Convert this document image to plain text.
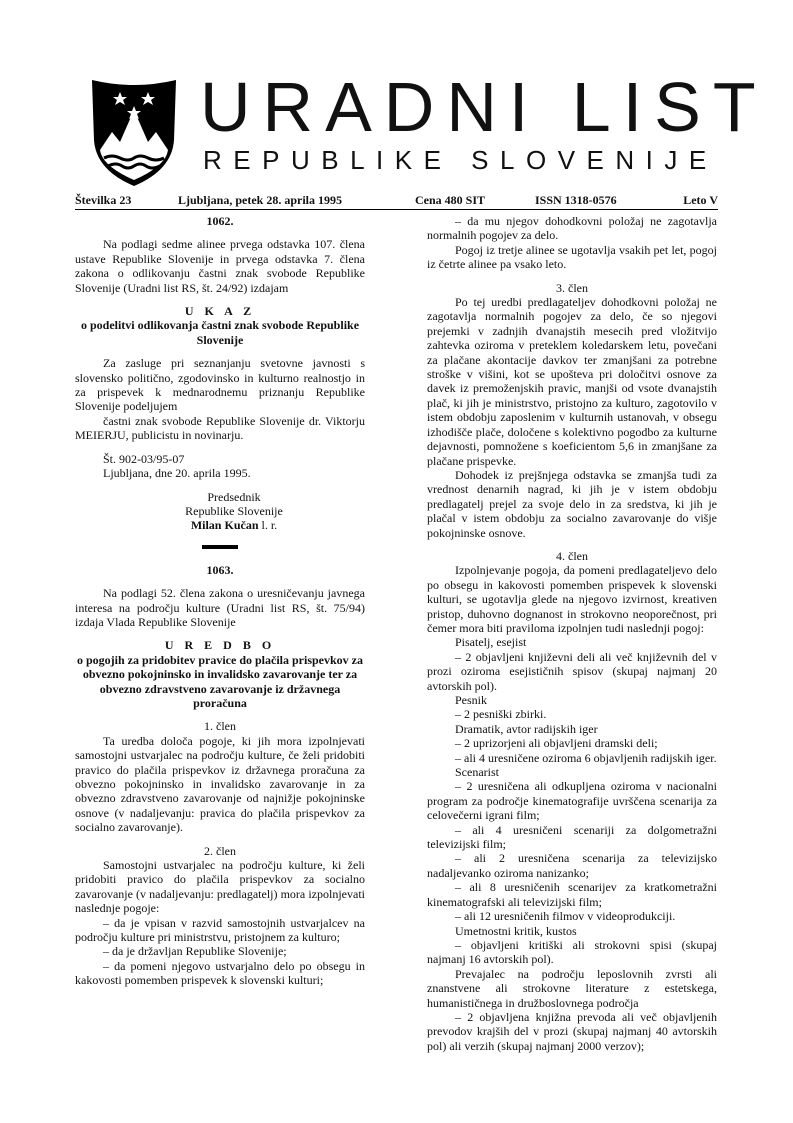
URADNI LIST
REPUBLIKE SLOVENIJE
Številka 23	Ljubljana, petek 28. aprila 1995	Cena 480 SIT	ISSN 1318-0576	Leto V

1062.

Na podlagi sedme alinee prvega odstavka 107. člena ustave Republike Slovenije in prvega odstavka 7. člena zakona o odlikovanju častni znak svobode Republike Slovenije (Uradni list RS, št. 24/92) izdajam

U K A Z

o podelitvi odlikovanja častni znak svobode Republike Slovenije

Za zasluge pri seznanjanju svetovne javnosti s slovensko politično, zgodovinsko in kulturno realnostjo in za prispevek k mednarodnemu priznanju Republike Slovenije podeljujem

častni znak svobode Republike Slovenije dr. Viktorju MEIERJU, publicistu in novinarju.

Št. 902-03/95-07

Ljubljana, dne 20. aprila 1995.

Predsednik

Republike Slovenije

Milan Kučan l. r.

1063.

Na podlagi 52. člena zakona o uresničevanju javnega interesa na področju kulture (Uradni list RS, št. 75/94) izdaja Vlada Republike Slovenije

U R E D B O

o pogojih za pridobitev pravice do plačila prispevkov za obvezno pokojninsko in invalidsko zavarovanje ter za obvezno zdravstveno zavarovanje iz državnega proračuna

1. člen

Ta uredba določa pogoje, ki jih mora izpolnjevati samostojni ustvarjalec na področju kulture, če želi pridobiti pravico do plačila prispevkov iz državnega proračuna za obvezno pokojninsko in invalidsko zavarovanje in za obvezno zdravstveno zavarovanje od najnižje pokojninske osnove (v nadaljevanju: pravica do plačila prispevkov za socialno zavarovanje).

2. člen

Samostojni ustvarjalec na področju kulture, ki želi pridobiti pravico do plačila prispevkov za socialno zavarovanje (v nadaljevanju: predlagatelj) mora izpolnjevati naslednje pogoje:

– da je vpisan v razvid samostojnih ustvarjalcev na področju kulture pri ministrstvu, pristojnem za kulturo;

– da je državljan Republike Slovenije;

– da pomeni njegovo ustvarjalno delo po obsegu in kakovosti pomemben prispevek k slovenski kulturi;

– da mu njegov dohodkovni položaj ne zagotavlja normalnih pogojev za delo.

Pogoj iz tretje alinee se ugotavlja vsakih pet let, pogoj iz četrte alinee pa vsako leto.

3. člen

Po tej uredbi predlagateljev dohodkovni položaj ne zagotavlja normalnih pogojev za delo, če so njegovi prejemki v zadnjih dvanajstih mesecih pred vložitvijo zahtevka oziroma v preteklem koledarskem letu, povečani za plačane akontacije davkov ter zmanjšani za potrebne stroške v višini, kot se upošteva pri določitvi osnove za davek iz premoženjskih pravic, manjši od vsote dvanajstih plač, ki jih je ministrstvo, pristojno za kulturo, zagotovilo v istem obdobju zaposlenim v kulturnih ustanovah, v obsegu izhodišče plače, določene s kolektivno pogodbo za kulturne dejavnosti, pomnožene s koeficientom 5,6 in zmanjšane za plačane prispevke.

Dohodek iz prejšnjega odstavka se zmanjša tudi za vrednost denarnih nagrad, ki jih je v istem obdobju predlagatelj prejel za svoje delo in za sredstva, ki jih je plačal v istem obdobju za socialno zavarovanje do višje pokojninske osnove.

4. člen

Izpolnjevanje pogoja, da pomeni predlagateljevo delo po obsegu in kakovosti pomemben prispevek k slovenski kulturi, se ugotavlja glede na njegovo izvirnost, kreativen pristop, duhovno dognanost in strokovno neoporečnost, pri čemer mora biti praviloma izpolnjen tudi naslednji pogoj:

Pisatelj, esejist

– 2 objavljeni književni deli ali več književnih del v prozi oziroma esejističnih spisov (skupaj najmanj 20 avtorskih pol).

Pesnik

– 2 pesniški zbirki.

Dramatik, avtor radijskih iger

– 2 uprizorjeni ali objavljeni dramski deli;

– ali 4 uresničene oziroma 6 objavljenih radijskih iger.

Scenarist

– 2 uresničena ali odkupljena oziroma v nacionalni program za področje kinematografije uvrščena scenarija za celovečerni igrani film;

– ali 4 uresničeni scenariji za dolgometražni televizijski film;

– ali 2 uresničena scenarija za televizijsko nadaljevanko oziroma nanizanko;

– ali 8 uresničenih scenarijev za kratkometražni kinematografski ali televizijski film;

– ali 12 uresničenih filmov v videoprodukciji.

Umetnostni kritik, kustos

– objavljeni kritiški ali strokovni spisi (skupaj najmanj 16 avtorskih pol).

Prevajalec na področju leposlovnih zvrsti ali znanstvene ali strokovne literature z estetskega, humanističnega in družboslovnega področja

– 2 objavljena knjižna prevoda ali več objavljenih prevodov krajših del v prozi (skupaj najmanj 40 avtorskih pol) ali verzih (skupaj najmanj 2000 verzov);
